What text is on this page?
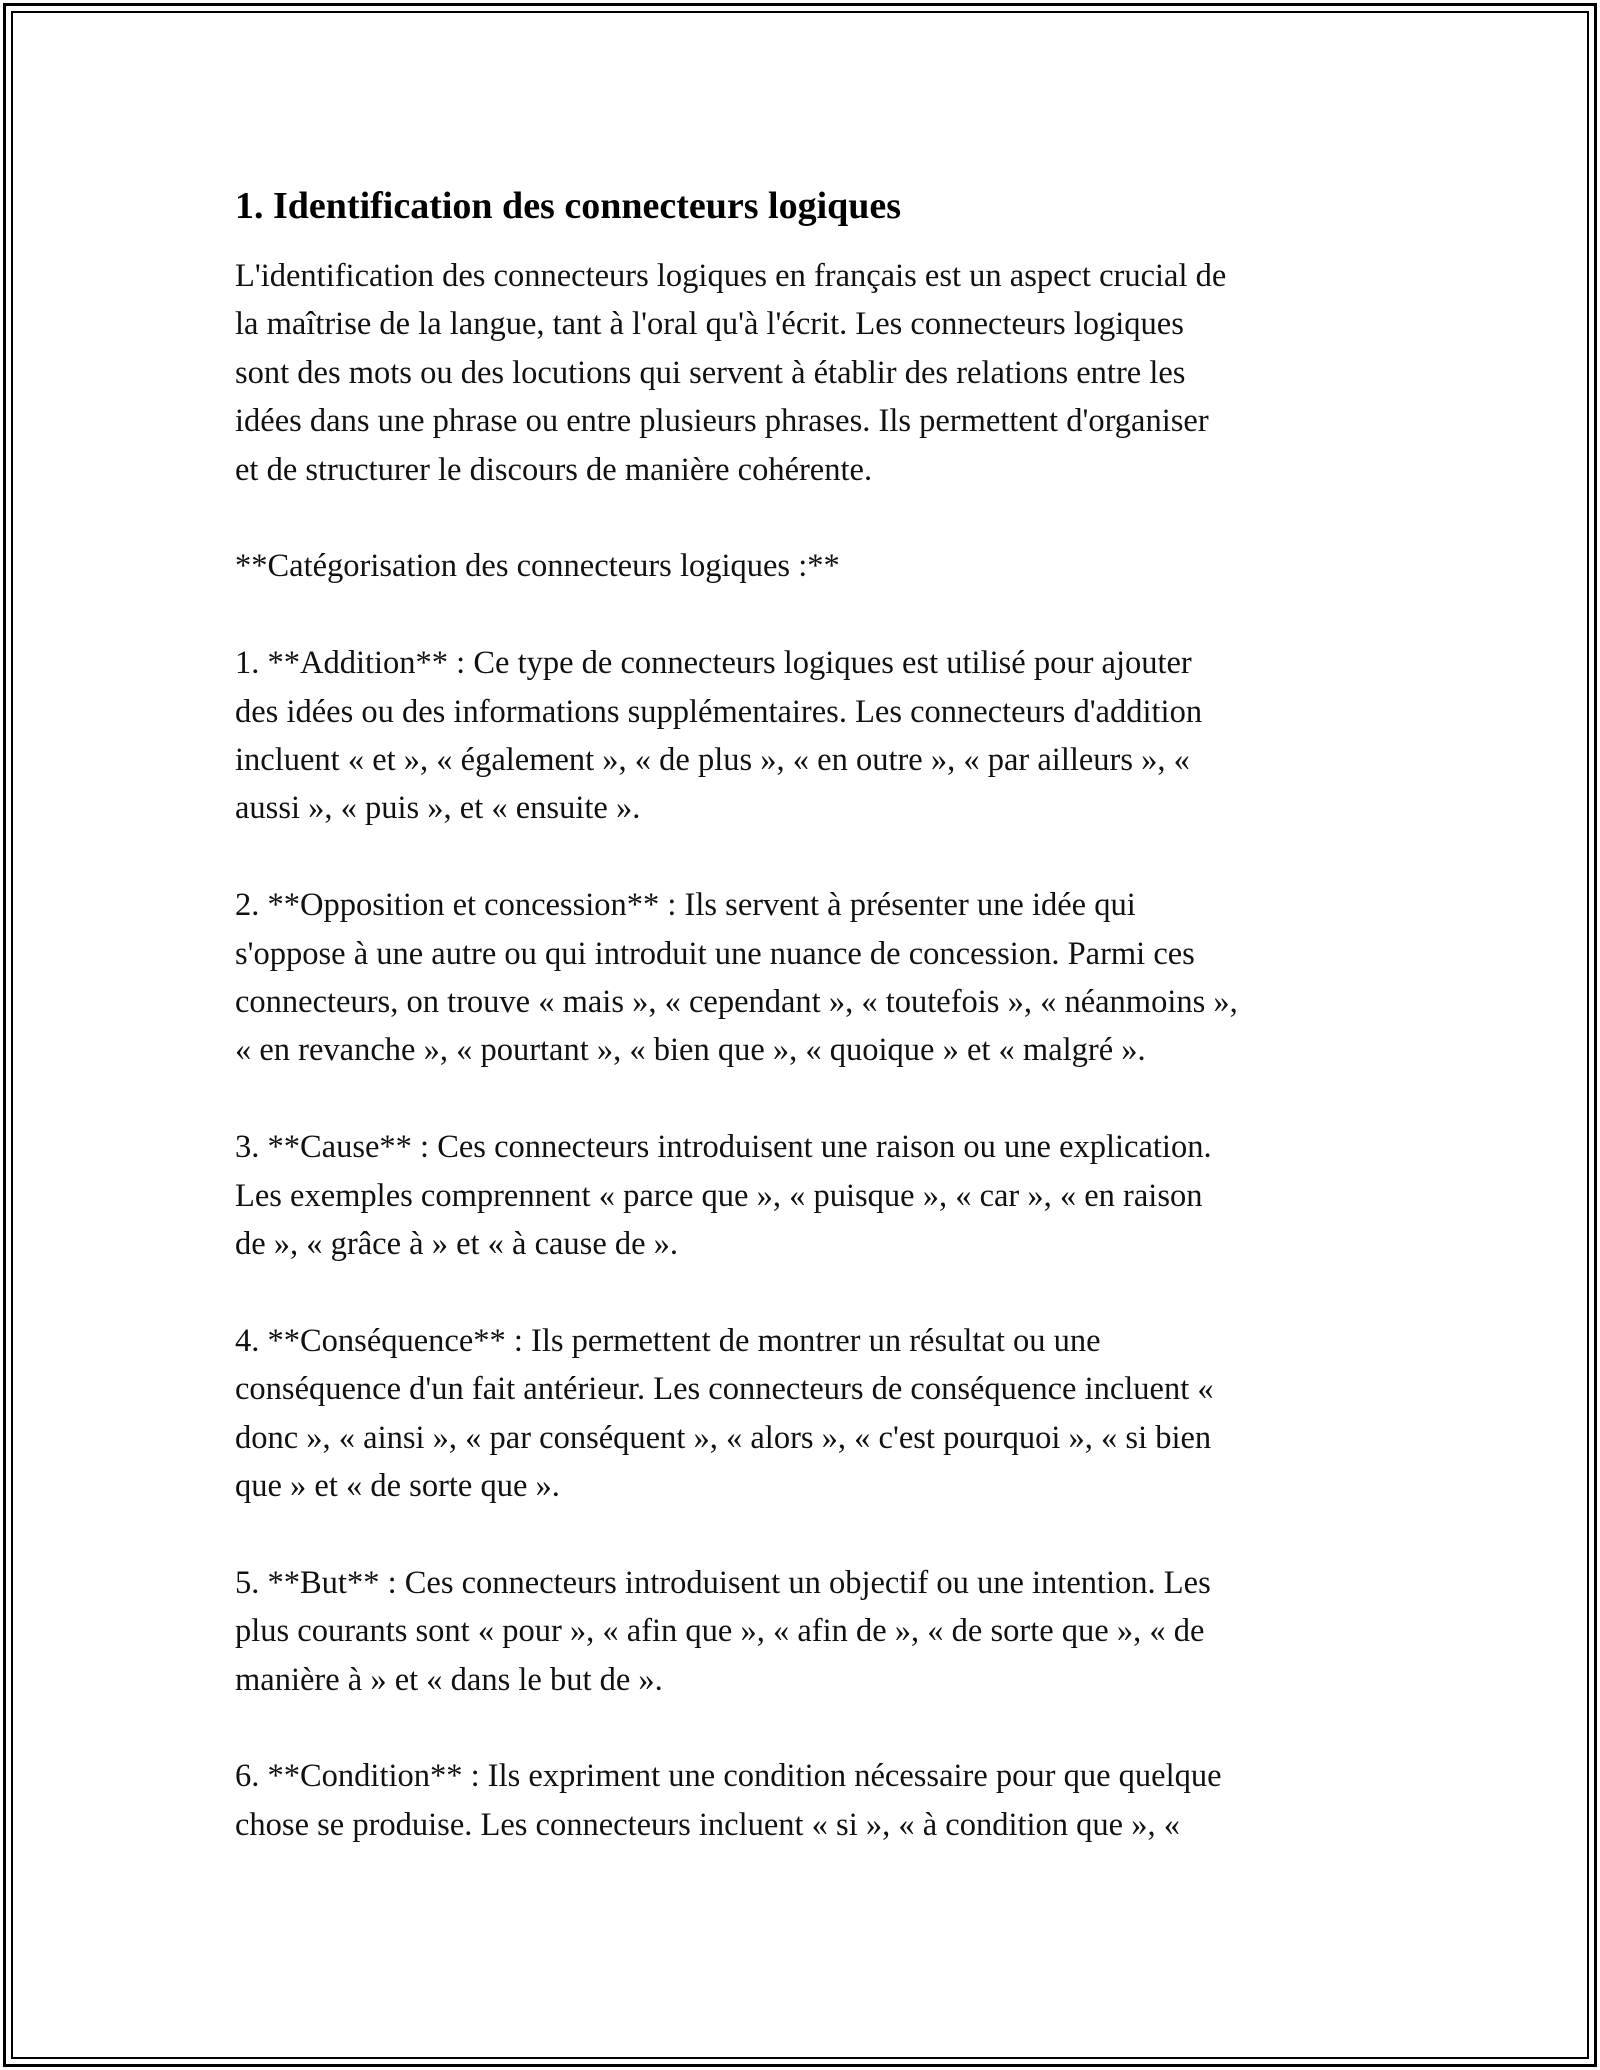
1. Identification des connecteurs logiques

L'identification des connecteurs logiques en français est un aspect crucial de
la maîtrise de la langue, tant à l'oral qu'à l'écrit. Les connecteurs logiques
sont des mots ou des locutions qui servent à établir des relations entre les
idées dans une phrase ou entre plusieurs phrases. Ils permettent d'organiser
et de structurer le discours de manière cohérente.

**Catégorisation des connecteurs logiques :**

1. **Addition** : Ce type de connecteurs logiques est utilisé pour ajouter
des idées ou des informations supplémentaires. Les connecteurs d'addition
incluent « et », « également », « de plus », « en outre », « par ailleurs », «
aussi », « puis », et « ensuite ».

2. **Opposition et concession** : Ils servent à présenter une idée qui
s'oppose à une autre ou qui introduit une nuance de concession. Parmi ces
connecteurs, on trouve « mais », « cependant », « toutefois », « néanmoins »,
« en revanche », « pourtant », « bien que », « quoique » et « malgré ».

3. **Cause** : Ces connecteurs introduisent une raison ou une explication.
Les exemples comprennent « parce que », « puisque », « car », « en raison
de », « grâce à » et « à cause de ».

4. **Conséquence** : Ils permettent de montrer un résultat ou une
conséquence d'un fait antérieur. Les connecteurs de conséquence incluent «
donc », « ainsi », « par conséquent », « alors », « c'est pourquoi », « si bien
que » et « de sorte que ».

5. **But** : Ces connecteurs introduisent un objectif ou une intention. Les
plus courants sont « pour », « afin que », « afin de », « de sorte que », « de
manière à » et « dans le but de ».

6. **Condition** : Ils expriment une condition nécessaire pour que quelque
chose se produise. Les connecteurs incluent « si », « à condition que », «
